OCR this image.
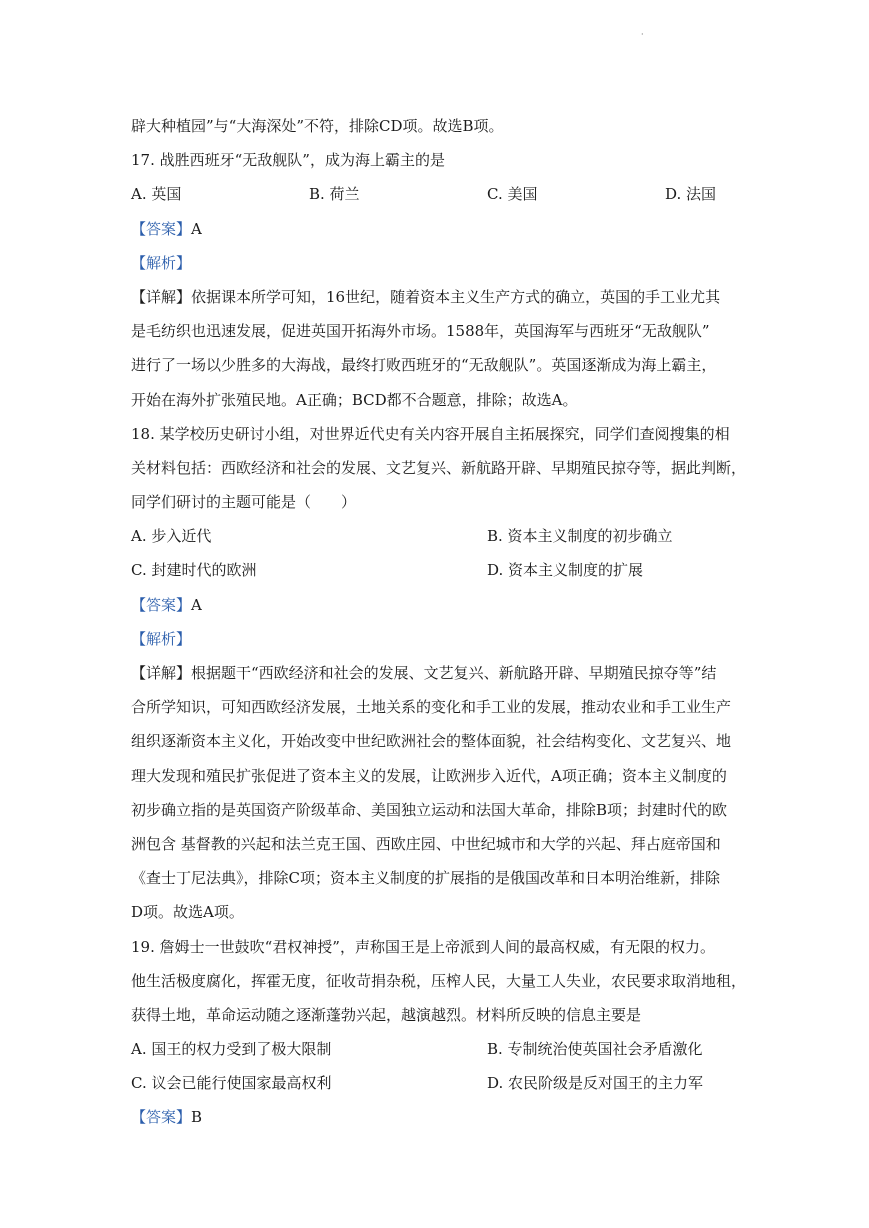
·
辟大种植园”与“大海深处”不符，排除CD项。故选B项。
17. 战胜西班牙“无敌舰队”，成为海上霸主的是
A. 英国	B. 荷兰	C. 美国	D. 法国
【答案】A
【解析】
【详解】依据课本所学可知，16世纪，随着资本主义生产方式的确立，英国的手工业尤其
是毛纺织也迅速发展，促进英国开拓海外市场。1588年，英国海军与西班牙“无敌舰队”
进行了一场以少胜多的大海战，最终打败西班牙的“无敌舰队”。英国逐渐成为海上霸主，
开始在海外扩张殖民地。A正确；BCD都不合题意，排除；故选A。
18. 某学校历史研讨小组，对世界近代史有关内容开展自主拓展探究，同学们查阅搜集的相
关材料包括：西欧经济和社会的发展、文艺复兴、新航路开辟、早期殖民掠夺等，据此判断，
同学们研讨的主题可能是（　　）
A. 步入近代	B. 资本主义制度的初步确立
C. 封建时代的欧洲	D. 资本主义制度的扩展
【答案】A
【解析】
【详解】根据题干“西欧经济和社会的发展、文艺复兴、新航路开辟、早期殖民掠夺等”结
合所学知识，可知西欧经济发展，土地关系的变化和手工业的发展，推动农业和手工业生产
组织逐渐资本主义化，开始改变中世纪欧洲社会的整体面貌，社会结构变化、文艺复兴、地
理大发现和殖民扩张促进了资本主义的发展，让欧洲步入近代，A项正确；资本主义制度的
初步确立指的是英国资产阶级革命、美国独立运动和法国大革命，排除B项；封建时代的欧
洲包含 基督教的兴起和法兰克王国、西欧庄园、中世纪城市和大学的兴起、拜占庭帝国和
《查士丁尼法典》，排除C项；资本主义制度的扩展指的是俄国改革和日本明治维新，排除
D项。故选A项。
19. 詹姆士一世鼓吹“君权神授”，声称国王是上帝派到人间的最高权威，有无限的权力。
他生活极度腐化，挥霍无度，征收苛捐杂税，压榨人民，大量工人失业，农民要求取消地租，
获得土地，革命运动随之逐渐蓬勃兴起，越演越烈。材料所反映的信息主要是
A. 国王的权力受到了极大限制	B. 专制统治使英国社会矛盾激化
C. 议会已能行使国家最高权利	D. 农民阶级是反对国王的主力军
【答案】B
